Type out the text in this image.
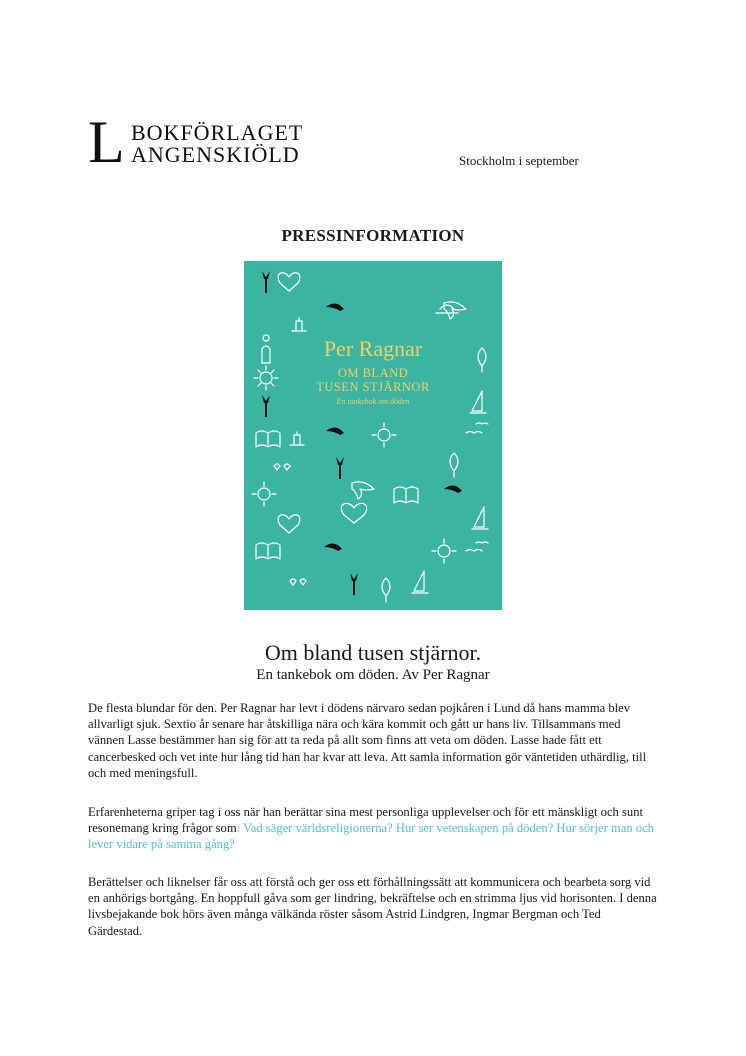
L BOKFÖRLAGET
ANGENSKIÖLD	Stockholm i september
PRESSINFORMATION
Per Ragnar
OM BLAND
TUSEN STJÄRNOR
En tankebok om döden
Om bland tusen stjärnor.
En tankebok om döden. Av Per Ragnar

De flesta blundar för den. Per Ragnar har levt i dödens närvaro sedan pojkåren i Lund då hans mamma blev allvarligt sjuk. Sextio år senare har åtskilliga nära och kära kommit och gått ur hans liv. Tillsammans med vännen Lasse bestämmer han sig för att ta reda på allt som finns att veta om döden. Lasse hade fått ett cancerbesked och vet inte hur lång tid han har kvar att leva. Att samla information gör väntetiden uthärdlig, till och med meningsfull.

Erfarenheterna griper tag i oss när han berättar sina mest personliga upplevelser och för ett mänskligt och sunt resonemang kring frågor som: Vad säger världsreligionerna? Hur ser vetenskapen på döden? Hur sörjer man och lever vidare på samma gång?

Berättelser och liknelser får oss att förstå och ger oss ett förhållningssätt att kommunicera och bearbeta sorg vid en anhörigs bortgång. En hoppfull gåva som ger lindring, bekräftelse och en strimma ljus vid horisonten. I denna livsbejakande bok hörs även många välkända röster såsom Astrid Lindgren, Ingmar Bergman och Ted Gärdestad.
